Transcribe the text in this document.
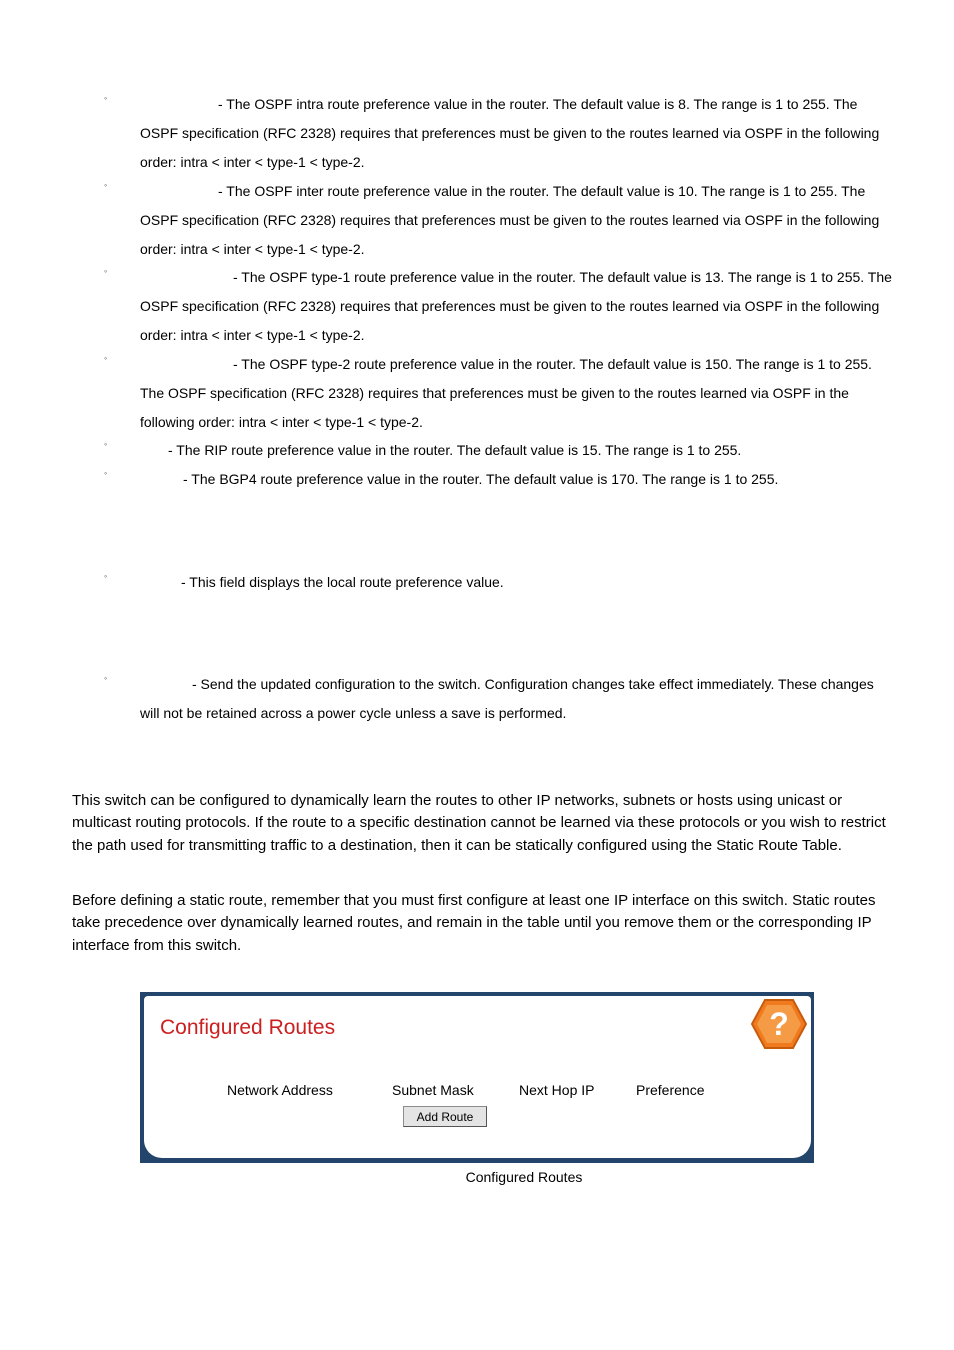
◦	- The OSPF intra route preference value in the router. The default value is 8. The range is 1 to 255. The OSPF specification (RFC 2328) requires that preferences must be given to the routes learned via OSPF in the following order: intra < inter < type-1 < type-2.
◦	- The OSPF inter route preference value in the router. The default value is 10. The range is 1 to 255. The OSPF specification (RFC 2328) requires that preferences must be given to the routes learned via OSPF in the following order: intra < inter < type-1 < type-2.
◦	- The OSPF type-1 route preference value in the router. The default value is 13. The range is 1 to 255. The OSPF specification (RFC 2328) requires that preferences must be given to the routes learned via OSPF in the following order: intra < inter < type-1 < type-2.
◦	- The OSPF type-2 route preference value in the router. The default value is 150. The range is 1 to 255. The OSPF specification (RFC 2328) requires that preferences must be given to the routes learned via OSPF in the following order: intra < inter < type-1 < type-2.
◦	- The RIP route preference value in the router. The default value is 15. The range is 1 to 255.
◦	- The BGP4 route preference value in the router. The default value is 170. The range is 1 to 255.
◦	- This field displays the local route preference value.
◦	- Send the updated configuration to the switch. Configuration changes take effect immediately. These changes will not be retained across a power cycle unless a save is performed.

This switch can be configured to dynamically learn the routes to other IP networks, subnets or hosts using unicast or multicast routing protocols. If the route to a specific destination cannot be learned via these protocols or you wish to restrict the path used for transmitting traffic to a destination, then it can be statically configured using the Static Route Table.

Before defining a static route, remember that you must first configure at least one IP interface on this switch. Static routes take precedence over dynamically learned routes, and remain in the table until you remove them or the corresponding IP interface from this switch.

Configured Routes	?
Network Address	Subnet Mask	Next Hop IP	Preference
Add Route
Configured Routes
